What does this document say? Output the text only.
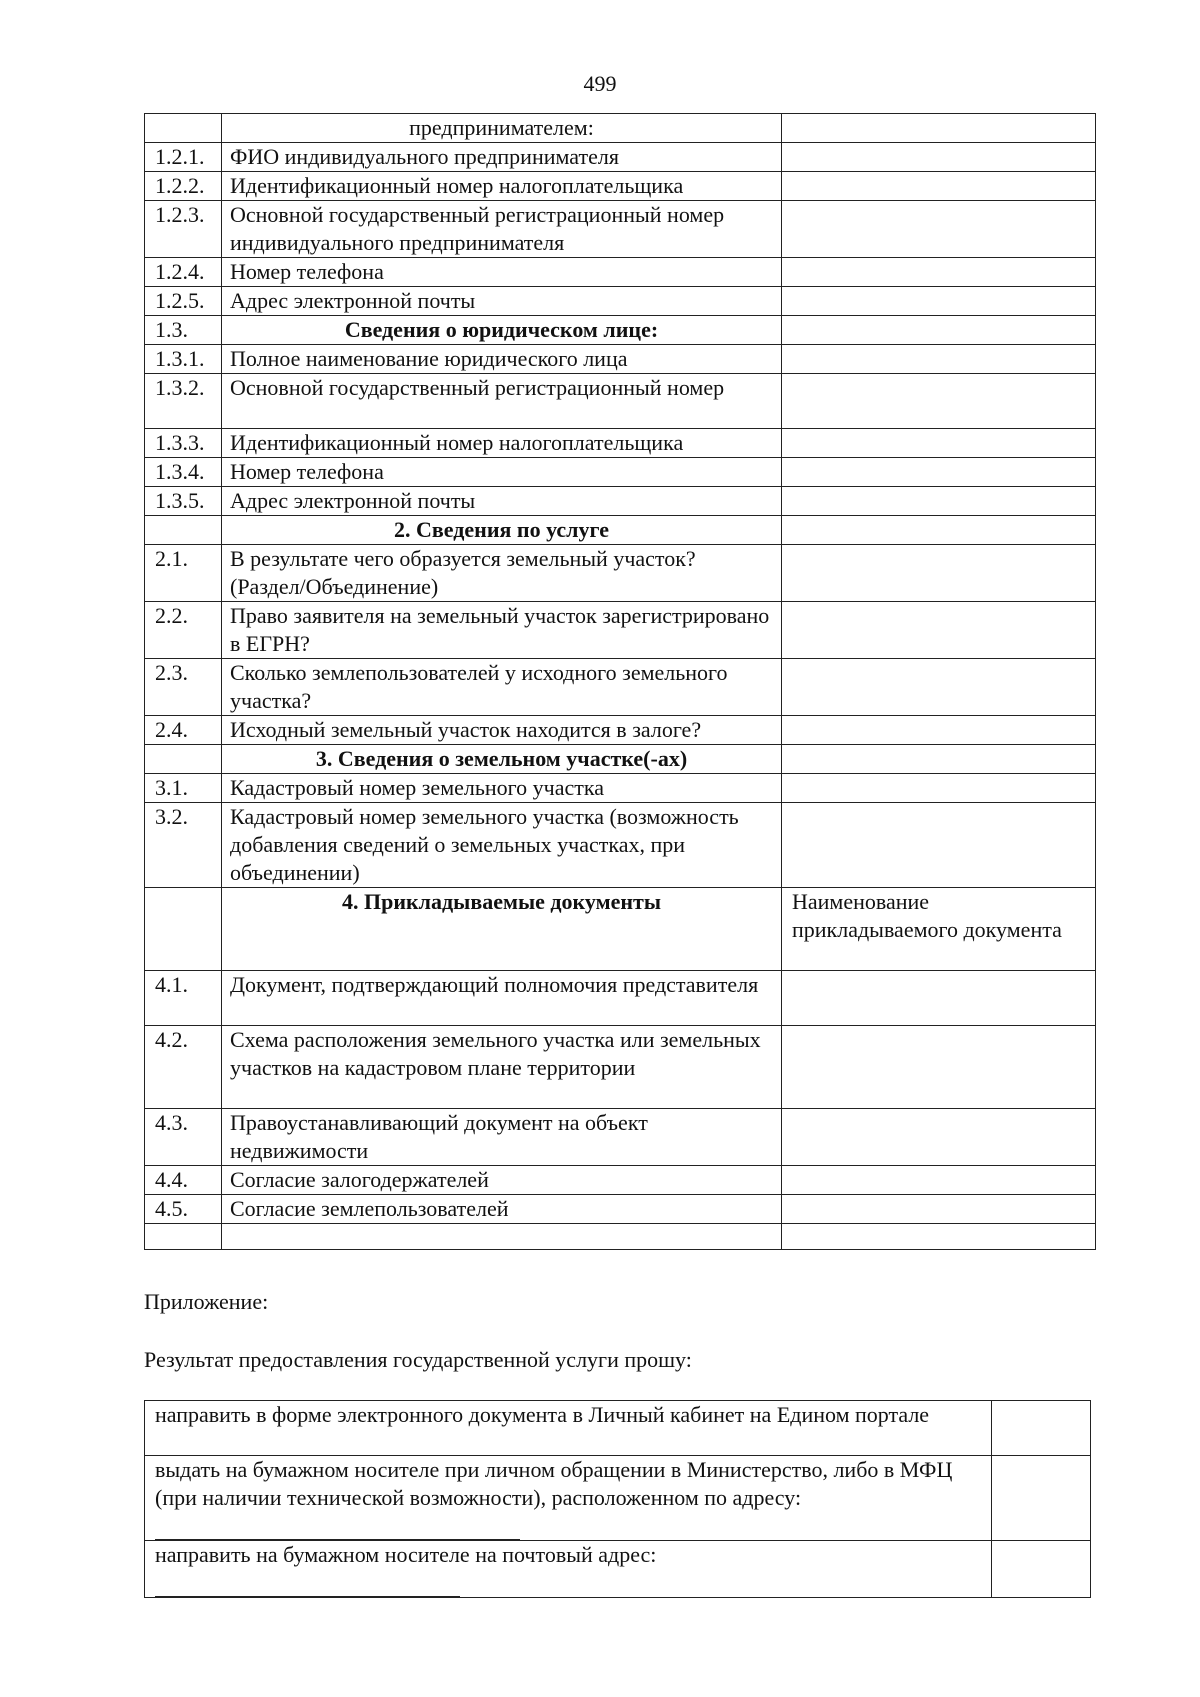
499
	предпринимателем:	
1.2.1.	ФИО индивидуального предпринимателя	
1.2.2.	Идентификационный номер налогоплательщика	
1.2.3.	Основной государственный регистрационный номер индивидуального предпринимателя	
1.2.4.	Номер телефона	
1.2.5.	Адрес электронной почты	
1.3.	Сведения о юридическом лице:	
1.3.1.	Полное наименование юридического лица	
1.3.2.	Основной государственный регистрационный номер	
1.3.3.	Идентификационный номер налогоплательщика	
1.3.4.	Номер телефона	
1.3.5.	Адрес электронной почты	
	2. Сведения по услуге	
2.1.	В результате чего образуется земельный участок? (Раздел/Объединение)	
2.2.	Право заявителя на земельный участок зарегистрировано в ЕГРН?	
2.3.	Сколько землепользователей у исходного земельного участка?	
2.4.	Исходный земельный участок находится в залоге?	
	3. Сведения о земельном участке(-ах)	
3.1.	Кадастровый номер земельного участка	
3.2.	Кадастровый номер земельного участка (возможность добавления сведений о земельных участках, при объединении)	
	4. Прикладываемые документы	Наименование прикладываемого документа
4.1.	Документ, подтверждающий полномочия представителя	
4.2.	Схема расположения земельного участка или земельных участков на кадастровом плане территории	
4.3.	Правоустанавливающий документ на объект недвижимости	
4.4.	Согласие залогодержателей	
4.5.	Согласие землепользователей	

Приложение:
Результат предоставления государственной услуги прошу:
направить в форме электронного документа в Личный кабинет на Едином портале	
выдать на бумажном носителе при личном обращении в Министерство, либо в МФЦ (при наличии технической возможности), расположенном по адресу:	
направить на бумажном носителе на почтовый адрес:
